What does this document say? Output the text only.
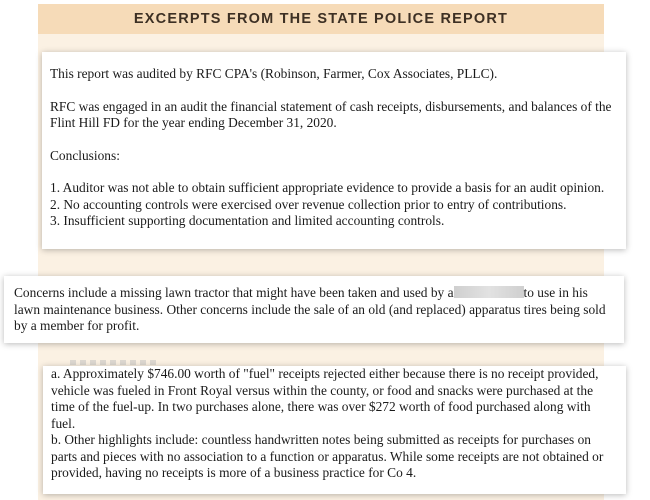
EXCERPTS FROM THE STATE POLICE REPORT

This report was audited by RFC CPA's (Robinson, Farmer, Cox Associates, PLLC).

RFC was engaged in an audit the financial statement of cash receipts, disbursements, and balances of the Flint Hill FD for the year ending December 31, 2020.

Conclusions:

1. Auditor was not able to obtain sufficient appropriate evidence to provide a basis for an audit opinion.

2. No accounting controls were exercised over revenue collection prior to entry of contributions.

3. Insufficient supporting documentation and limited accounting controls.

Concerns include a missing lawn tractor that might have been taken and used by a	to use in his lawn maintenance business. Other concerns include the sale of an old (and replaced) apparatus tires being sold by a member for profit.

a. Approximately $746.00 worth of "fuel" receipts rejected either because there is no receipt provided, vehicle was fueled in Front Royal versus within the county, or food and snacks were purchased at the time of the fuel-up. In two purchases alone, there was over $272 worth of food purchased along with fuel.

b. Other highlights include: countless handwritten notes being submitted as receipts for purchases on parts and pieces with no association to a function or apparatus. While some receipts are not obtained or provided, having no receipts is more of a business practice for Co 4.
